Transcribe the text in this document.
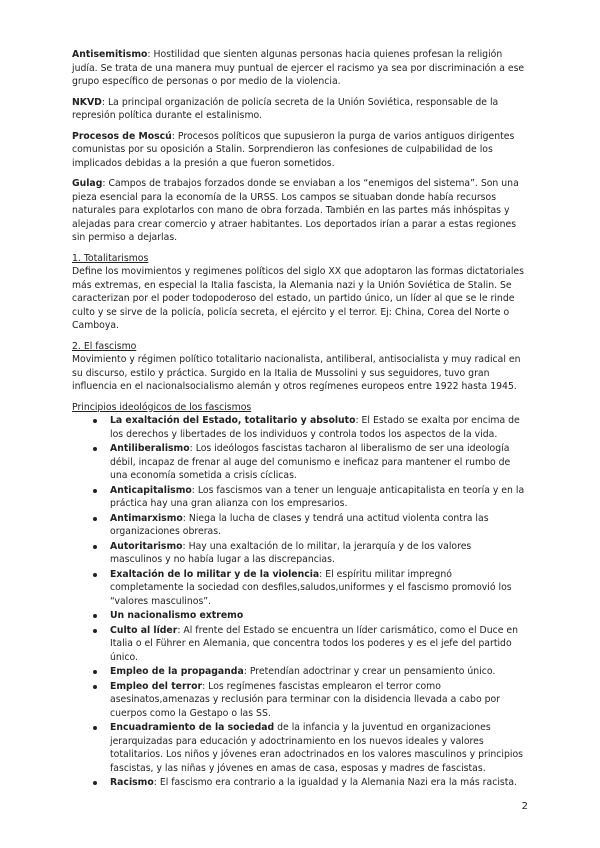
Antisemitismo: Hostilidad que sienten algunas personas hacia quienes profesan la religión judía. Se trata de una manera muy puntual de ejercer el racismo ya sea por discriminación a ese grupo específico de personas o por medio de la violencia.

NKVD: La principal organización de policía secreta de la Unión Soviética, responsable de la represión política durante el estalinismo.

Procesos de Moscú: Procesos políticos que supusieron la purga de varios antiguos dirigentes comunistas por su oposición a Stalin. Sorprendieron las confesiones de culpabilidad de los implicados debidas a la presión a que fueron sometidos.

Gulag: Campos de trabajos forzados donde se enviaban a los “enemigos del sistema”. Son una pieza esencial para la economía de la URSS. Los campos se situaban donde había recursos naturales para explotarlos con mano de obra forzada. También en las partes más inhóspitas y alejadas para crear comercio y atraer habitantes. Los deportados irían a parar a estas regiones sin permiso a dejarlas.

1. Totalitarismos

Define los movimientos y regimenes políticos del siglo XX que adoptaron las formas dictatoriales más extremas, en especial la Italia fascista, la Alemania nazi y la Unión Soviética de Stalin. Se caracterizan por el poder todopoderoso del estado, un partido único, un líder al que se le rinde culto y se sirve de la policía, policía secreta, el ejército y el terror. Ej: China, Corea del Norte o Camboya.

2. El fascismo

Movimiento y régimen político totalitario nacionalista, antiliberal, antisocialista y muy radical en su discurso, estilo y práctica. Surgido en la Italia de Mussolini y sus seguidores, tuvo gran influencia en el nacionalsocialismo alemán y otros regímenes europeos entre 1922 hasta 1945.

Principios ideológicos de los fascismos

La exaltación del Estado, totalitario y absoluto: El Estado se exalta por encima de los derechos y libertades de los individuos y controla todos los aspectos de la vida.
Antiliberalismo: Los ideólogos fascistas tacharon al liberalismo de ser una ideología débil, incapaz de frenar al auge del comunismo e ineficaz para mantener el rumbo de una economía sometida a crisis cíclicas.
Anticapitalismo: Los fascismos van a tener un lenguaje anticapitalista en teoría y en la práctica hay una gran alianza con los empresarios.
Antimarxismo: Niega la lucha de clases y tendrá una actitud violenta contra las organizaciones obreras.
Autoritarismo: Hay una exaltación de lo militar, la jerarquía y de los valores masculinos y no había lugar a las discrepancias.
Exaltación de lo militar y de la violencia: El espíritu militar impregnó completamente la sociedad con desfiles,saludos,uniformes y el fascismo promovió los “valores masculinos”.
Un nacionalismo extremo
Culto al líder: Al frente del Estado se encuentra un líder carismático, como el Duce en Italia o el Führer en Alemania, que concentra todos los poderes y es el jefe del partido único.
Empleo de la propaganda: Pretendían adoctrinar y crear un pensamiento único.
Empleo del terror: Los regímenes fascistas emplearon el terror como asesinatos,amenazas y reclusión para terminar con la disidencia llevada a cabo por cuerpos como la Gestapo o las SS.
Encuadramiento de la sociedad de la infancia y la juventud en organizaciones jerarquizadas para educación y adoctrinamiento en los nuevos ideales y valores totalitarios. Los niños y jóvenes eran adoctrinados en los valores masculinos y principios fascistas, y las niñas y jóvenes en amas de casa, esposas y madres de fascistas.
Racismo: El fascismo era contrario a la igualdad y la Alemania Nazi era la más racista.
2
